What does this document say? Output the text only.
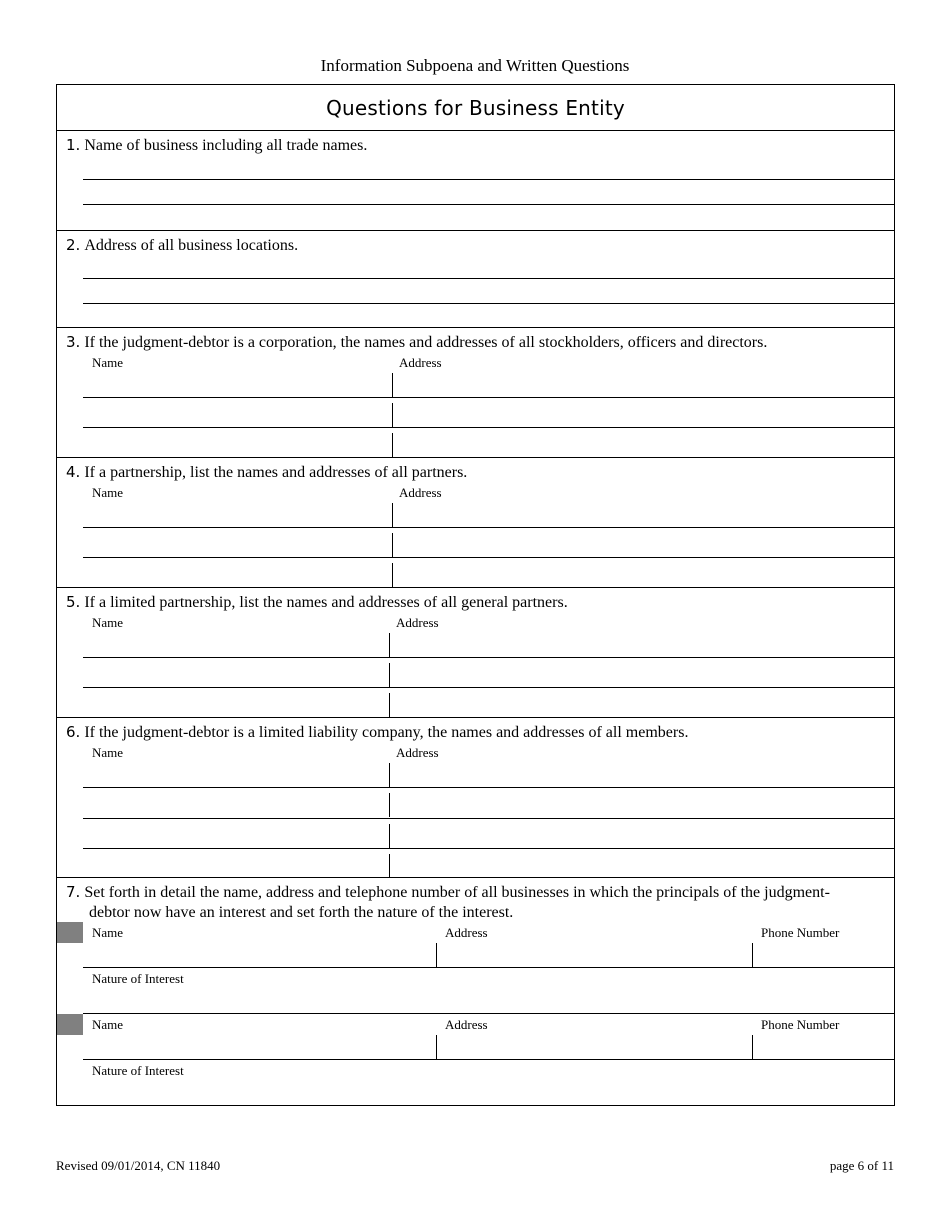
Information Subpoena and Written Questions
Questions for Business Entity
1. Name of business including all trade names.
2. Address of all business locations.
3. If the judgment-debtor is a corporation, the names and addresses of all stockholders, officers and directors.
Name	Address
4. If a partnership, list the names and addresses of all partners.
Name	Address
5. If a limited partnership, list the names and addresses of all general partners.
Name	Address
6. If the judgment-debtor is a limited liability company, the names and addresses of all members.
Name	Address
7. Set forth in detail the name, address and telephone number of all businesses in which the principals of the judgment-
debtor now have an interest and set forth the nature of the interest.
Name	Address	Phone Number
Nature of Interest
Name	Address	Phone Number
Nature of Interest
Revised 09/01/2014, CN 11840	page 6 of 11
